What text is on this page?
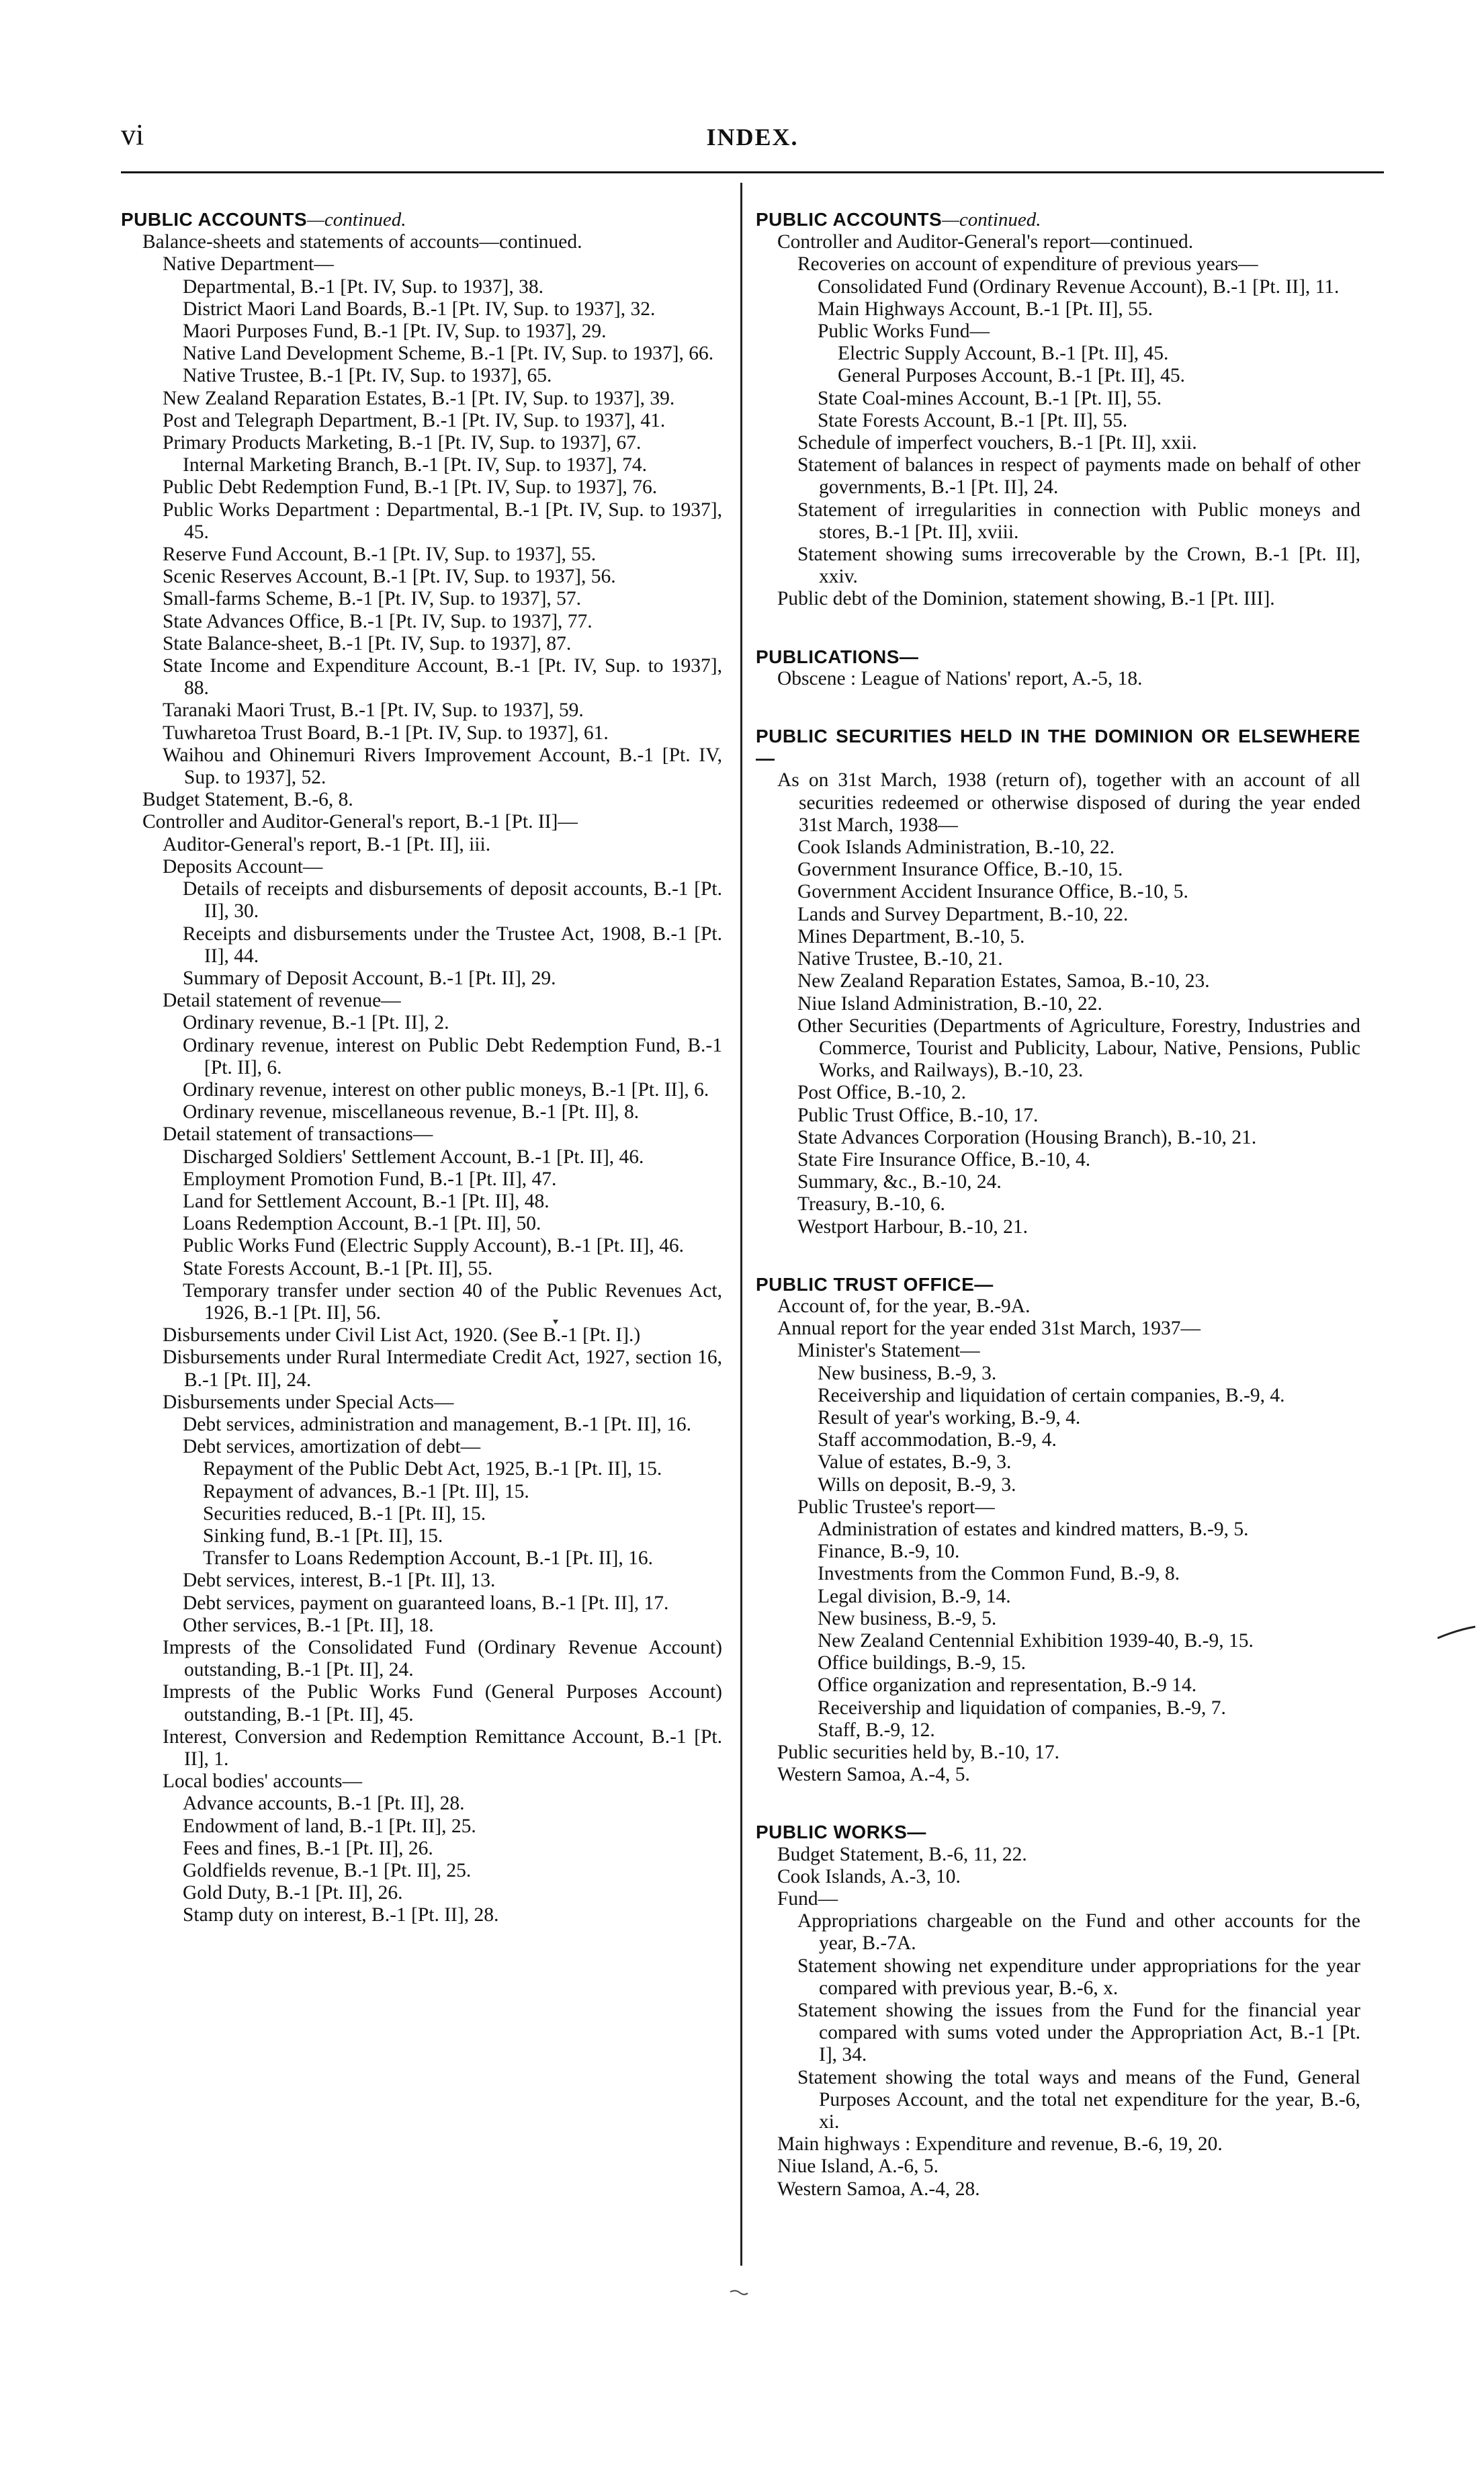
vi	INDEX.
PUBLIC ACCOUNTS—continued.
Balance-sheets and statements of accounts—continued.
Native Department—
Departmental, B.-1 [Pt. IV, Sup. to 1937], 38.
District Maori Land Boards, B.-1 [Pt. IV, Sup. to 1937], 32.
Maori Purposes Fund, B.-1 [Pt. IV, Sup. to 1937], 29.
Native Land Development Scheme, B.-1 [Pt. IV, Sup. to 1937], 66.
Native Trustee, B.-1 [Pt. IV, Sup. to 1937], 65.
New Zealand Reparation Estates, B.-1 [Pt. IV, Sup. to 1937], 39.
Post and Telegraph Department, B.-1 [Pt. IV, Sup. to 1937], 41.
Primary Products Marketing, B.-1 [Pt. IV, Sup. to 1937], 67.
Internal Marketing Branch, B.-1 [Pt. IV, Sup. to 1937], 74.
Public Debt Redemption Fund, B.-1 [Pt. IV, Sup. to 1937], 76.
Public Works Department : Departmental, B.-1 [Pt. IV, Sup. to 1937], 45.
Reserve Fund Account, B.-1 [Pt. IV, Sup. to 1937], 55.
Scenic Reserves Account, B.-1 [Pt. IV, Sup. to 1937], 56.
Small-farms Scheme, B.-1 [Pt. IV, Sup. to 1937], 57.
State Advances Office, B.-1 [Pt. IV, Sup. to 1937], 77.
State Balance-sheet, B.-1 [Pt. IV, Sup. to 1937], 87.
State Income and Expenditure Account, B.-1 [Pt. IV, Sup. to 1937], 88.
Taranaki Maori Trust, B.-1 [Pt. IV, Sup. to 1937], 59.
Tuwharetoa Trust Board, B.-1 [Pt. IV, Sup. to 1937], 61.
Waihou and Ohinemuri Rivers Improvement Account, B.-1 [Pt. IV, Sup. to 1937], 52.
Budget Statement, B.-6, 8.
Controller and Auditor-General's report, B.-1 [Pt. II]—
Auditor-General's report, B.-1 [Pt. II], iii.
Deposits Account—
Details of receipts and disbursements of deposit accounts, B.-1 [Pt. II], 30.
Receipts and disbursements under the Trustee Act, 1908, B.-1 [Pt. II], 44.
Summary of Deposit Account, B.-1 [Pt. II], 29.
Detail statement of revenue—
Ordinary revenue, B.-1 [Pt. II], 2.
Ordinary revenue, interest on Public Debt Redemption Fund, B.-1 [Pt. II], 6.
Ordinary revenue, interest on other public moneys, B.-1 [Pt. II], 6.
Ordinary revenue, miscellaneous revenue, B.-1 [Pt. II], 8.
Detail statement of transactions—
Discharged Soldiers' Settlement Account, B.-1 [Pt. II], 46.
Employment Promotion Fund, B.-1 [Pt. II], 47.
Land for Settlement Account, B.-1 [Pt. II], 48.
Loans Redemption Account, B.-1 [Pt. II], 50.
Public Works Fund (Electric Supply Account), B.-1 [Pt. II], 46.
State Forests Account, B.-1 [Pt. II], 55.
Temporary transfer under section 40 of the Public Revenues Act, 1926, B.-1 [Pt. II], 56.
Disbursements under Civil List Act, 1920. (See B.-1 [Pt. I].)
Disbursements under Rural Intermediate Credit Act, 1927, section 16, B.-1 [Pt. II], 24.
Disbursements under Special Acts—
Debt services, administration and management, B.-1 [Pt. II], 16.
Debt services, amortization of debt—
Repayment of the Public Debt Act, 1925, B.-1 [Pt. II], 15.
Repayment of advances, B.-1 [Pt. II], 15.
Securities reduced, B.-1 [Pt. II], 15.
Sinking fund, B.-1 [Pt. II], 15.
Transfer to Loans Redemption Account, B.-1 [Pt. II], 16.
Debt services, interest, B.-1 [Pt. II], 13.
Debt services, payment on guaranteed loans, B.-1 [Pt. II], 17.
Other services, B.-1 [Pt. II], 18.
Imprests of the Consolidated Fund (Ordinary Revenue Account) outstanding, B.-1 [Pt. II], 24.
Imprests of the Public Works Fund (General Purposes Account) outstanding, B.-1 [Pt. II], 45.
Interest, Conversion and Redemption Remittance Account, B.-1 [Pt. II], 1.
Local bodies' accounts—
Advance accounts, B.-1 [Pt. II], 28.
Endowment of land, B.-1 [Pt. II], 25.
Fees and fines, B.-1 [Pt. II], 26.
Goldfields revenue, B.-1 [Pt. II], 25.
Gold Duty, B.-1 [Pt. II], 26.
Stamp duty on interest, B.-1 [Pt. II], 28.
PUBLIC ACCOUNTS—continued.
Controller and Auditor-General's report—continued.
Recoveries on account of expenditure of previous years—
Consolidated Fund (Ordinary Revenue Account), B.-1 [Pt. II], 11.
Main Highways Account, B.-1 [Pt. II], 55.
Public Works Fund—
Electric Supply Account, B.-1 [Pt. II], 45.
General Purposes Account, B.-1 [Pt. II], 45.
State Coal-mines Account, B.-1 [Pt. II], 55.
State Forests Account, B.-1 [Pt. II], 55.
Schedule of imperfect vouchers, B.-1 [Pt. II], xxii.
Statement of balances in respect of payments made on behalf of other governments, B.-1 [Pt. II], 24.
Statement of irregularities in connection with Public moneys and stores, B.-1 [Pt. II], xviii.
Statement showing sums irrecoverable by the Crown, B.-1 [Pt. II], xxiv.
Public debt of the Dominion, statement showing, B.-1 [Pt. III].
PUBLICATIONS—
Obscene : League of Nations' report, A.-5, 18.
PUBLIC SECURITIES HELD IN THE DOMINION OR ELSEWHERE—
As on 31st March, 1938 (return of), together with an account of all securities redeemed or otherwise disposed of during the year ended 31st March, 1938—
Cook Islands Administration, B.-10, 22.
Government Insurance Office, B.-10, 15.
Government Accident Insurance Office, B.-10, 5.
Lands and Survey Department, B.-10, 22.
Mines Department, B.-10, 5.
Native Trustee, B.-10, 21.
New Zealand Reparation Estates, Samoa, B.-10, 23.
Niue Island Administration, B.-10, 22.
Other Securities (Departments of Agriculture, Forestry, Industries and Commerce, Tourist and Publicity, Labour, Native, Pensions, Public Works, and Railways), B.-10, 23.
Post Office, B.-10, 2.
Public Trust Office, B.-10, 17.
State Advances Corporation (Housing Branch), B.-10, 21.
State Fire Insurance Office, B.-10, 4.
Summary, &c., B.-10, 24.
Treasury, B.-10, 6.
Westport Harbour, B.-10, 21.
PUBLIC TRUST OFFICE—
Account of, for the year, B.-9A.
Annual report for the year ended 31st March, 1937—
Minister's Statement—
New business, B.-9, 3.
Receivership and liquidation of certain companies, B.-9, 4.
Result of year's working, B.-9, 4.
Staff accommodation, B.-9, 4.
Value of estates, B.-9, 3.
Wills on deposit, B.-9, 3.
Public Trustee's report—
Administration of estates and kindred matters, B.-9, 5.
Finance, B.-9, 10.
Investments from the Common Fund, B.-9, 8.
Legal division, B.-9, 14.
New business, B.-9, 5.
New Zealand Centennial Exhibition 1939-40, B.-9, 15.
Office buildings, B.-9, 15.
Office organization and representation, B.-9 14.
Receivership and liquidation of companies, B.-9, 7.
Staff, B.-9, 12.
Public securities held by, B.-10, 17.
Western Samoa, A.-4, 5.
PUBLIC WORKS—
Budget Statement, B.-6, 11, 22.
Cook Islands, A.-3, 10.
Fund—
Appropriations chargeable on the Fund and other accounts for the year, B.-7A.
Statement showing net expenditure under appropriations for the year compared with previous year, B.-6, x.
Statement showing the issues from the Fund for the financial year compared with sums voted under the Appropriation Act, B.-1 [Pt. I], 34.
Statement showing the total ways and means of the Fund, General Purposes Account, and the total net expenditure for the year, B.-6, xi.
Main highways : Expenditure and revenue, B.-6, 19, 20.
Niue Island, A.-6, 5.
Western Samoa, A.-4, 28.
